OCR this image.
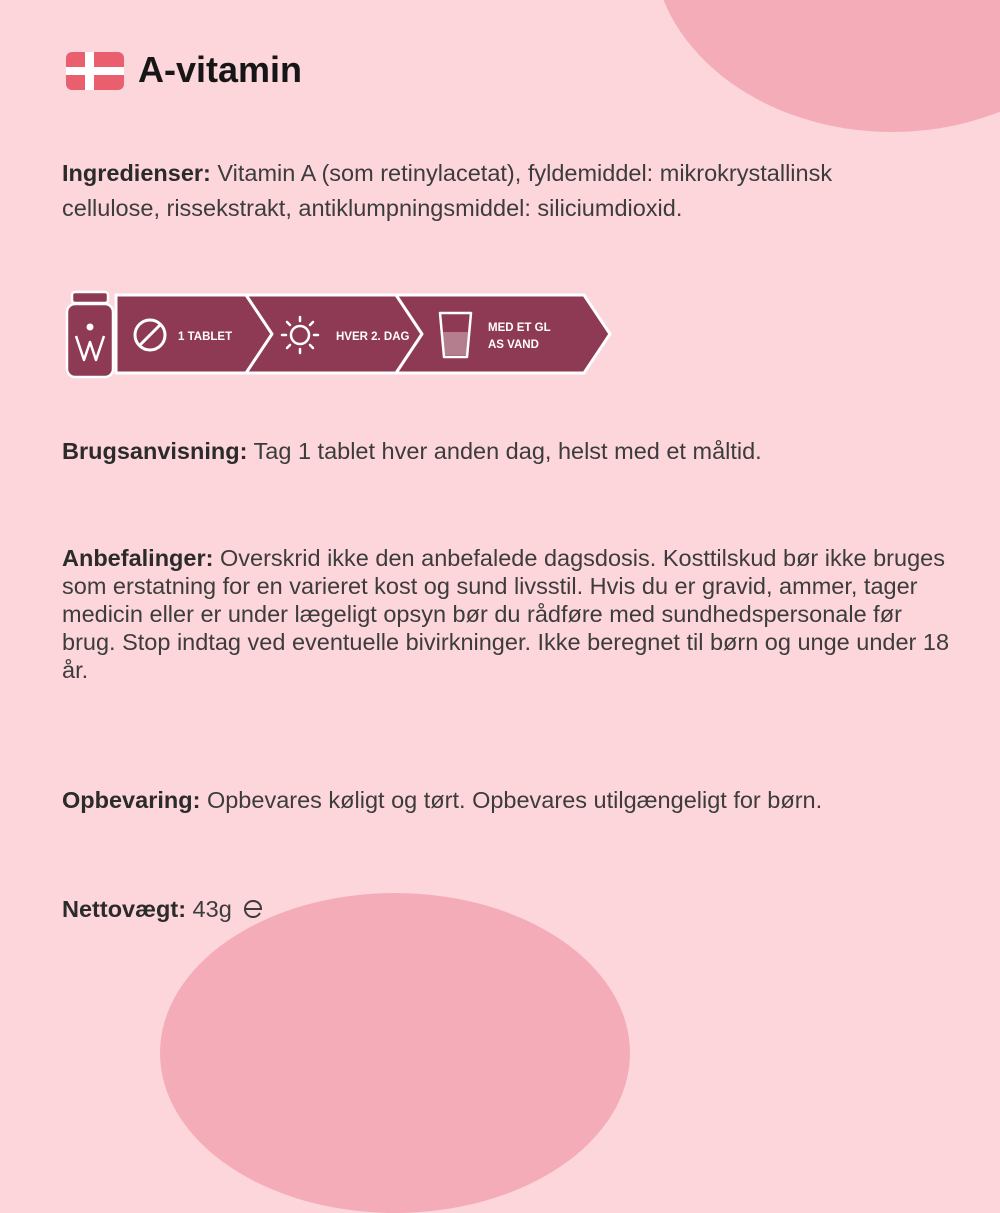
A-vitamin

Ingredienser: Vitamin A (som retinylacetat), fyldemiddel: mikrokrystallinsk cellulose, rissekstrakt, antiklumpningsmiddel: siliciumdioxid.

1 TABLET	HVER 2. DAG
MED ET GL
AS VAND

Brugsanvisning: Tag 1 tablet hver anden dag, helst med et måltid.

Anbefalinger: Overskrid ikke den anbefalede dagsdosis. Kosttilskud bør ikke bruges som erstatning for en varieret kost og sund livsstil. Hvis du er gravid, ammer, tager medicin eller er under lægeligt opsyn bør du rådføre med sundhedspersonale før brug. Stop indtag ved eventuelle bivirkninger. Ikke beregnet til børn og unge under 18 år.

Opbevaring: Opbevares køligt og tørt. Opbevares utilgængeligt for børn.

Nettovægt: 43g
